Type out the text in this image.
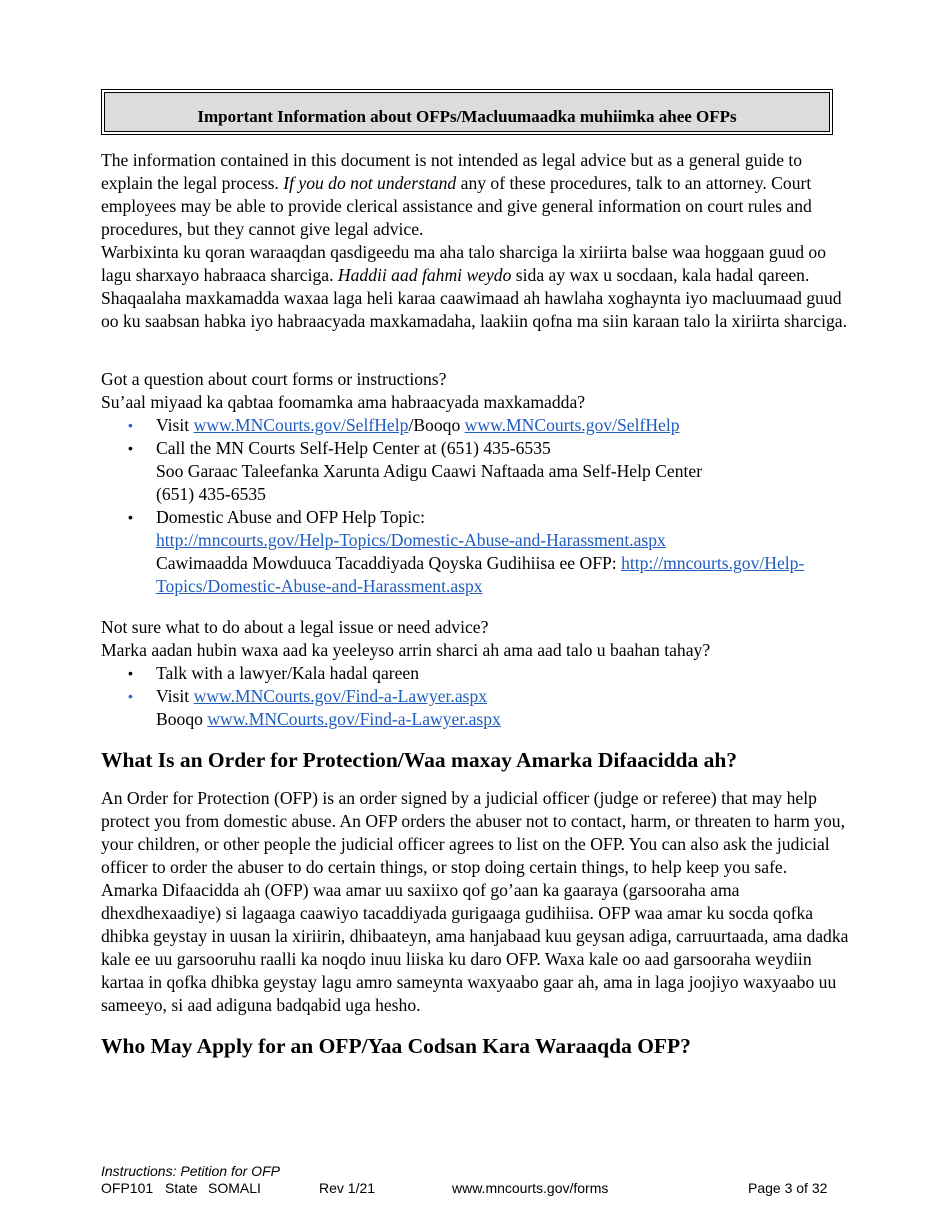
Important Information about OFPs/Macluumaadka muhiimka ahee OFPs

The information contained in this document is not intended as legal advice but as a general guide to explain the legal process. If you do not understand any of these procedures, talk to an attorney. Court employees may be able to provide clerical assistance and give general information on court rules and procedures, but they cannot give legal advice.

Warbixinta ku qoran waraaqdan qasdigeedu ma aha talo sharciga la xiriirta balse waa hoggaan guud oo lagu sharxayo habraaca sharciga. Haddii aad fahmi weydo sida ay wax u socdaan, kala hadal qareen. Shaqaalaha maxkamadda waxaa laga heli karaa caawimaad ah hawlaha xoghaynta iyo macluumaad guud oo ku saabsan habka iyo habraacyada maxkamadaha, laakiin qofna ma siin karaan talo la xiriirta sharciga.

Got a question about court forms or instructions?

Su’aal miyaad ka qabtaa foomamka ama habraacyada maxkamadda?

• Visit www.MNCourts.gov/SelfHelp/Booqo www.MNCourts.gov/SelfHelp
• Call the MN Courts Self-Help Center at (651) 435-6535
Soo Garaac Taleefanka Xarunta Adigu Caawi Naftaada ama Self-Help Center
(651) 435-6535
• Domestic Abuse and OFP Help Topic:
http://mncourts.gov/Help-Topics/Domestic-Abuse-and-Harassment.aspx
Cawimaadda Mowduuca Tacaddiyada Qoyska Gudihiisa ee OFP: http://mncourts.gov/Help-
Topics/Domestic-Abuse-and-Harassment.aspx

Not sure what to do about a legal issue or need advice?

Marka aadan hubin waxa aad ka yeeleyso arrin sharci ah ama aad talo u baahan tahay?

• Talk with a lawyer/Kala hadal qareen
• Visit www.MNCourts.gov/Find-a-Lawyer.aspx
Booqo www.MNCourts.gov/Find-a-Lawyer.aspx
What Is an Order for Protection/Waa maxay Amarka Difaacidda ah?

An Order for Protection (OFP) is an order signed by a judicial officer (judge or referee) that may help protect you from domestic abuse. An OFP orders the abuser not to contact, harm, or threaten to harm you, your children, or other people the judicial officer agrees to list on the OFP. You can also ask the judicial officer to order the abuser to do certain things, or stop doing certain things, to help keep you safe.

Amarka Difaacidda ah (OFP) waa amar uu saxiixo qof go’aan ka gaaraya (garsooraha ama dhexdhexaadiye) si lagaaga caawiyo tacaddiyada gurigaaga gudihiisa. OFP waa amar ku socda qofka dhibka geystay in uusan la xiriirin, dhibaateyn, ama hanjabaad kuu geysan adiga, carruurtaada, ama dadka kale ee uu garsooruhu raalli ka noqdo inuu liiska ku daro OFP. Waxa kale oo aad garsooraha weydiin kartaa in qofka dhibka geystay lagu amro sameynta waxyaabo gaar ah, ama in laga joojiyo waxyaabo uu sameeyo, si aad adiguna badqabid uga hesho.

Who May Apply for an OFP/Yaa Codsan Kara Waraaqda OFP?
Instructions: Petition for OFP
OFP101 State SOMALI	Rev 1/21	www.mncourts.gov/forms	Page 3 of 32
